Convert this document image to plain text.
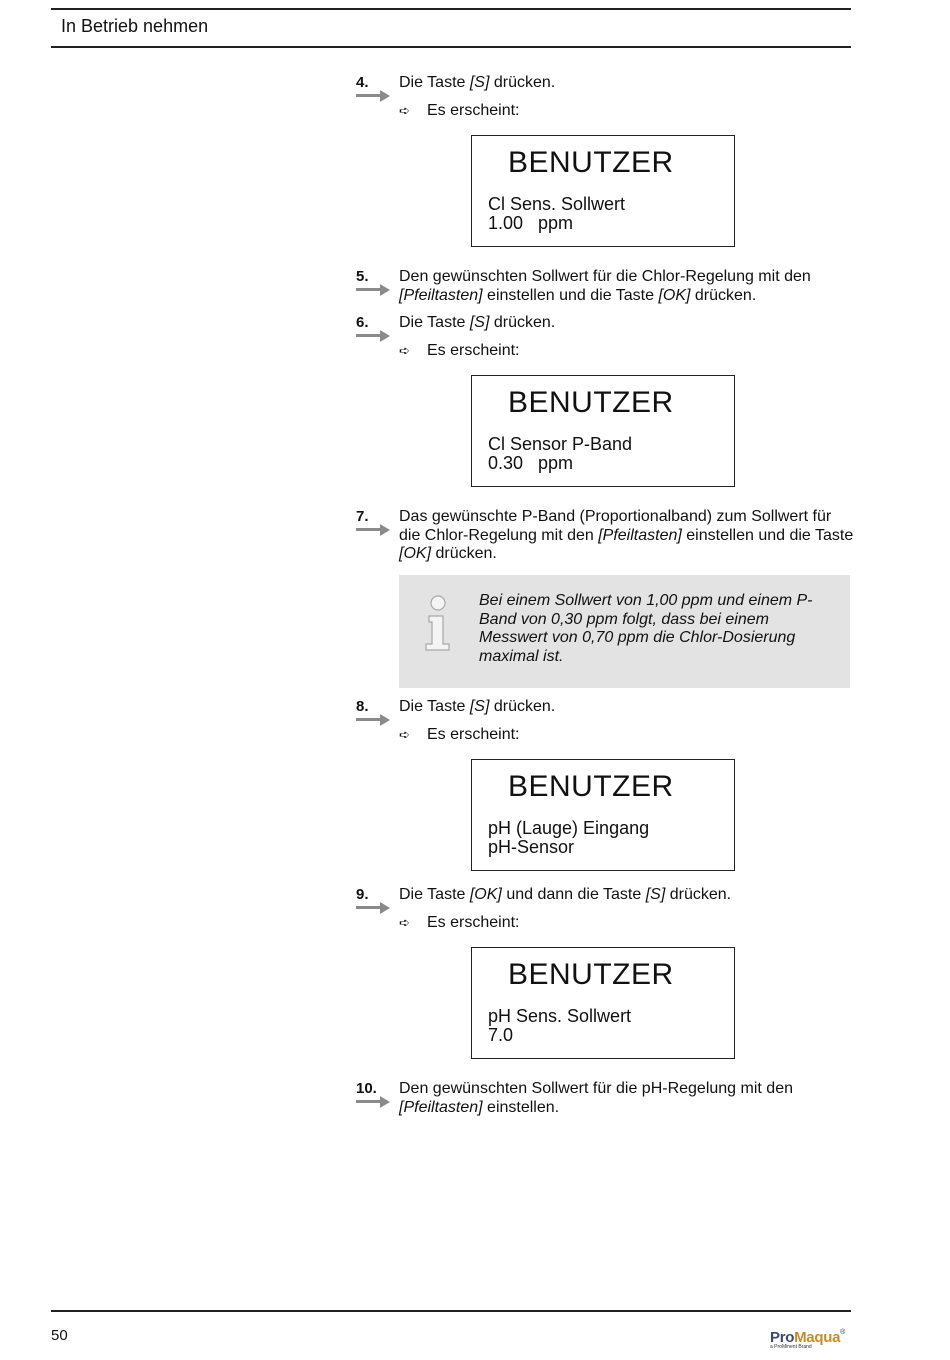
In Betrieb nehmen
4. Die Taste [S] drücken.
➪ Es erscheint:
BENUTZER
Cl Sens. Sollwert
1.00   ppm
5. Den gewünschten Sollwert für die Chlor-Regelung mit den [Pfeiltasten] einstellen und die Taste [OK] drücken.
6. Die Taste [S] drücken.
➪ Es erscheint:
BENUTZER
Cl Sensor P-Band
0.30   ppm
7. Das gewünschte P-Band (Proportionalband) zum Sollwert für die Chlor-Regelung mit den [Pfeiltasten] einstellen und die Taste [OK] drücken.
Bei einem Sollwert von 1,00 ppm und einem P-Band von 0,30 ppm folgt, dass bei einem Messwert von 0,70 ppm die Chlor-Dosierung maximal ist.
8. Die Taste [S] drücken.
➪ Es erscheint:
BENUTZER
pH (Lauge) Eingang
pH-Sensor
9. Die Taste [OK] und dann die Taste [S] drücken.
➪ Es erscheint:
BENUTZER
pH Sens. Sollwert
7.0
10. Den gewünschten Sollwert für die pH-Regelung mit den [Pfeiltasten] einstellen.
50	ProMaqua®
a ProMinent Brand
